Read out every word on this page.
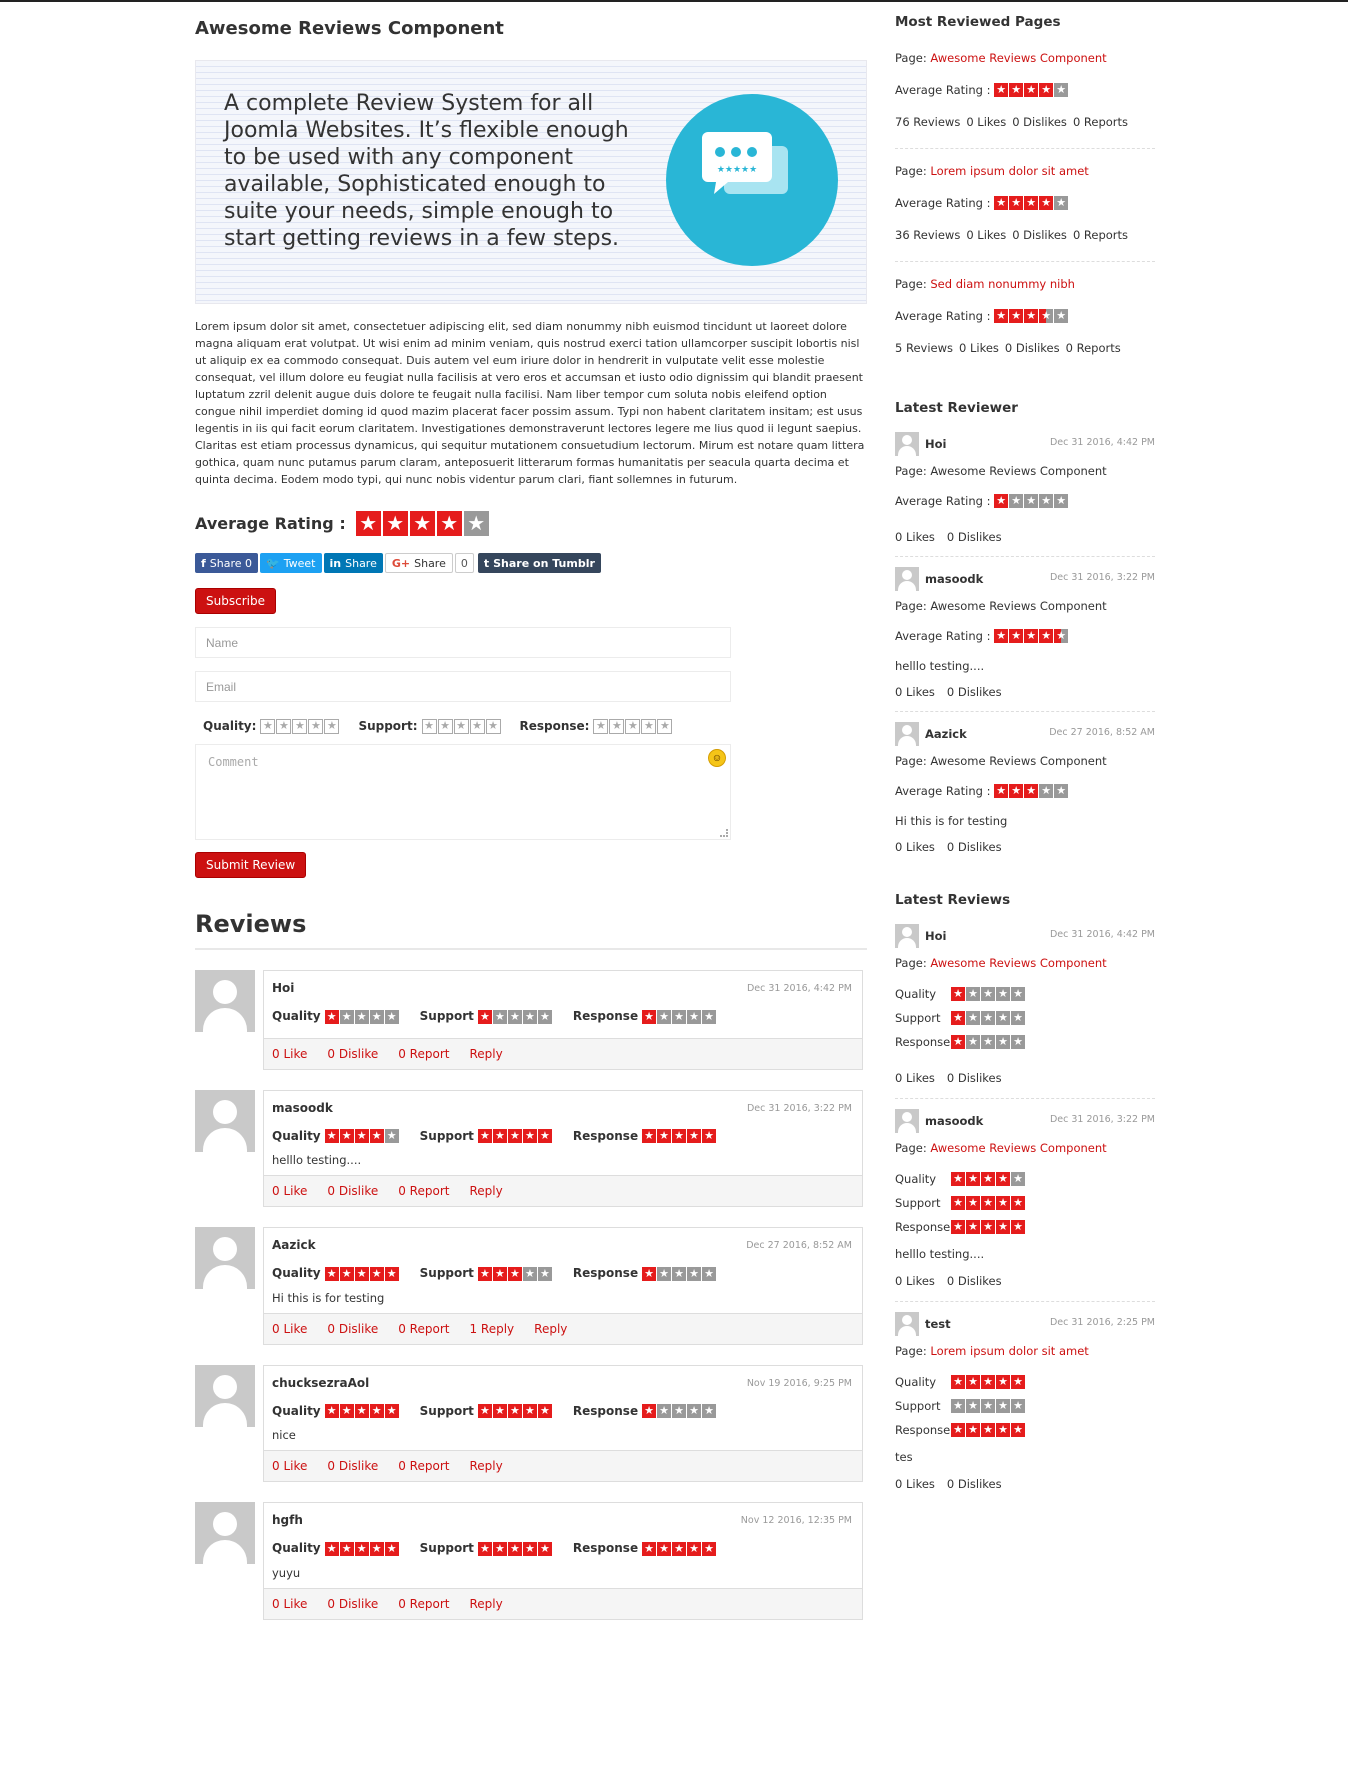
Awesome Reviews Component
A complete Review System for all Joomla Websites. It’s flexible enough to be used with any component available, Sophisticated enough to suite your needs, simple enough to start getting reviews in a few steps.
★★★★★

Lorem ipsum dolor sit amet, consectetuer adipiscing elit, sed diam nonummy nibh euismod tincidunt ut laoreet dolore magna aliquam erat volutpat. Ut wisi enim ad minim veniam, quis nostrud exerci tation ullamcorper suscipit lobortis nisl ut aliquip ex ea commodo consequat. Duis autem vel eum iriure dolor in hendrerit in vulputate velit esse molestie consequat, vel illum dolore eu feugiat nulla facilisis at vero eros et accumsan et iusto odio dignissim qui blandit praesent luptatum zzril delenit augue duis dolore te feugait nulla facilisi. Nam liber tempor cum soluta nobis eleifend option congue nihil imperdiet doming id quod mazim placerat facer possim assum. Typi non habent claritatem insitam; est usus legentis in iis qui facit eorum claritatem. Investigationes demonstraverunt lectores legere me lius quod ii legunt saepius. Claritas est etiam processus dynamicus, qui sequitur mutationem consuetudium lectorum. Mirum est notare quam littera gothica, quam nunc putamus parum claram, anteposuerit litterarum formas humanitatis per seacula quarta decima et quinta decima. Eodem modo typi, qui nunc nobis videntur parum clari, fiant sollemnes in futurum.

Average Rating : ★ ★ ★ ★ ★
f Share
0 🐦 Tweet in Share G+ Share	0	t Share on Tumblr
Subscribe
Name
Email
Quality: ★ ★ ★ ★ ★ Support: ★ ★ ★ ★ ★ Response: ★ ★ ★ ★ ★
Comment	☺
Submit Review
Reviews
Hoi	Dec 31 2016, 4:42 PM
Quality ★ ★ ★ ★ ★ Support ★ ★ ★ ★ ★ Response ★ ★ ★ ★ ★
0 Like 0 Dislike 0 Report Reply
masoodk	Dec 31 2016, 3:22 PM
Quality ★ ★ ★ ★ ★ Support ★ ★ ★ ★ ★ Response ★ ★ ★ ★ ★
helllo testing....
0 Like 0 Dislike 0 Report Reply
Aazick	Dec 27 2016, 8:52 AM
Quality ★ ★ ★ ★ ★ Support ★ ★ ★ ★ ★ Response ★ ★ ★ ★ ★
Hi this is for testing
0 Like 0 Dislike 0 Report 1 Reply Reply
chucksezraAol	Nov 19 2016, 9:25 PM
Quality ★ ★ ★ ★ ★ Support ★ ★ ★ ★ ★ Response ★ ★ ★ ★ ★
nice
0 Like 0 Dislike 0 Report Reply
hgfh	Nov 12 2016, 12:35 PM
Quality ★ ★ ★ ★ ★ Support ★ ★ ★ ★ ★ Response ★ ★ ★ ★ ★
yuyu
0 Like 0 Dislike 0 Report Reply
Most Reviewed Pages
Page:
Awesome Reviews Component
Average Rating :
★ ★ ★ ★ ★
76 Reviews 0 Likes 0 Dislikes 0 Reports
Page:
Lorem ipsum dolor sit amet
Average Rating :
★ ★ ★ ★ ★
36 Reviews 0 Likes 0 Dislikes 0 Reports
Page:
Sed diam nonummy nibh
Average Rating :
★ ★ ★ ★ ★
5 Reviews 0 Likes 0 Dislikes 0 Reports
Latest Reviewer
Hoi	Dec 31 2016, 4:42 PM
Page: Awesome Reviews Component
Average Rating :
★ ★ ★ ★ ★
0 Likes 0 Dislikes
masoodk	Dec 31 2016, 3:22 PM
Page: Awesome Reviews Component
Average Rating :
★ ★ ★ ★ ★
helllo testing....
0 Likes 0 Dislikes
Aazick	Dec 27 2016, 8:52 AM
Page: Awesome Reviews Component
Average Rating :
★ ★ ★ ★ ★
Hi this is for testing
0 Likes 0 Dislikes
Latest Reviews
Hoi	Dec 31 2016, 4:42 PM
Page:
Awesome Reviews Component
Quality	★ ★ ★ ★ ★
Support	★ ★ ★ ★ ★
Response ★ ★ ★ ★ ★
0 Likes 0 Dislikes
masoodk	Dec 31 2016, 3:22 PM
Page:
Awesome Reviews Component
Quality	★ ★ ★ ★ ★
Support	★ ★ ★ ★ ★
Response ★ ★ ★ ★ ★
helllo testing....
0 Likes 0 Dislikes
test	Dec 31 2016, 2:25 PM
Page:
Lorem ipsum dolor sit amet
Quality	★ ★ ★ ★ ★
Support	★ ★ ★ ★ ★
Response ★ ★ ★ ★ ★
tes
0 Likes 0 Dislikes
